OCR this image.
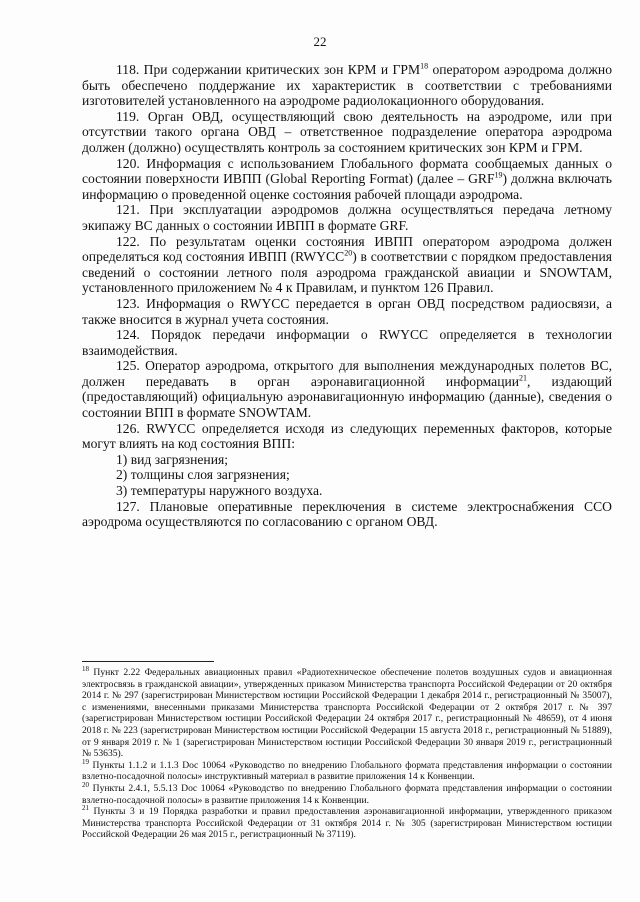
22

118. При содержании критических зон КРМ и ГРМ$^{18}$ оператором аэродрома должно быть обеспечено поддержание их характеристик в соответствии с требованиями изготовителей установленного на аэродроме радиолокационного оборудования.

119. Орган ОВД, осуществляющий свою деятельность на аэродроме, или при отсутствии такого органа ОВД – ответственное подразделение оператора аэродрома должен (должно) осуществлять контроль за состоянием критических зон КРМ и ГРМ.

120. Информация с использованием Глобального формата сообщаемых данных о состоянии поверхности ИВПП (Global Reporting Format) (далее – GRF$^{19}$) должна включать информацию о проведенной оценке состояния рабочей площади аэродрома.

121. При эксплуатации аэродромов должна осуществляться передача летному экипажу ВС данных о состоянии ИВПП в формате GRF.

122. По результатам оценки состояния ИВПП оператором аэродрома должен определяться код состояния ИВПП (RWYCC$^{20}$) в соответствии с порядком предоставления сведений о состоянии летного поля аэродрома гражданской авиации и SNOWTAM, установленного приложением № 4 к Правилам, и пунктом 126 Правил.

123. Информация о RWYCC передается в орган ОВД посредством радиосвязи, а также вносится в журнал учета состояния.

124. Порядок передачи информации о RWYCC определяется в технологии взаимодействия.

125. Оператор аэродрома, открытого для выполнения международных полетов ВС, должен передавать в орган аэронавигационной информации$^{21}$, издающий (предоставляющий) официальную аэронавигационную информацию (данные), сведения о состоянии ВПП в формате SNOWTAM.

126. RWYCC определяется исходя из следующих переменных факторов, которые могут влиять на код состояния ВПП:

1) вид загрязнения;

2) толщины слоя загрязнения;

3) температуры наружного воздуха.

127. Плановые оперативные переключения в системе электроснабжения ССО аэродрома осуществляются по согласованию с органом ОВД.

$^{18}$ Пункт 2.22 Федеральных авиационных правил «Радиотехническое обеспечение полетов воздушных судов и авиационная электросвязь в гражданской авиации», утвержденных приказом Министерства транспорта Российской Федерации от 20 октября 2014 г. № 297 (зарегистрирован Министерством юстиции Российской Федерации 1 декабря 2014 г., регистрационный № 35007), с изменениями, внесенными приказами Министерства транспорта Российской Федерации от 2 октября 2017 г. № 397 (зарегистрирован Министерством юстиции Российской Федерации 24 октября 2017 г., регистрационный № 48659), от 4 июня 2018 г. № 223 (зарегистрирован Министерством юстиции Российской Федерации 15 августа 2018 г., регистрационный № 51889), от 9 января 2019 г. № 1 (зарегистрирован Министерством юстиции Российской Федерации 30 января 2019 г., регистрационный № 53635).

$^{19}$ Пункты 1.1.2 и 1.1.3 Doc 10064 «Руководство по внедрению Глобального формата представления информации о состоянии взлетно-посадочной полосы» инструктивный материал в развитие приложения 14 к Конвенции.

$^{20}$ Пункты 2.4.1, 5.5.13 Doc 10064 «Руководство по внедрению Глобального формата представления информации о состоянии взлетно-посадочной полосы» в развитие приложения 14 к Конвенции.

$^{21}$ Пункты 3 и 19 Порядка разработки и правил предоставления аэронавигационной информации, утвержденного приказом Министерства транспорта Российской Федерации от 31 октября 2014 г. № 305 (зарегистрирован Министерством юстиции Российской Федерации 26 мая 2015 г., регистрационный № 37119).
